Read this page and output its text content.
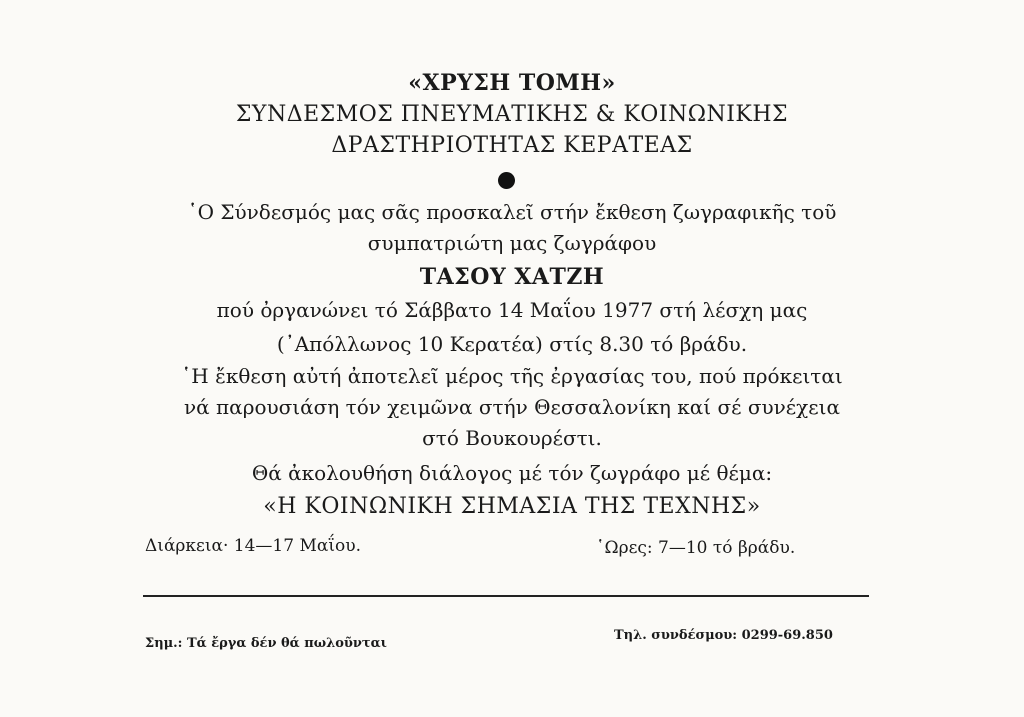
«ΧΡΥΣΗ ΤΟΜΗ»
ΣΥΝΔΕΣΜΟΣ ΠΝΕΥΜΑΤΙΚΗΣ & ΚΟΙΝΩΝΙΚΗΣ
ΔΡΑΣΤΗΡΙΟΤΗΤΑΣ ΚΕΡΑΤΕΑΣ
῾Ο Σύνδεσμός μας σᾶς προσκαλεῖ στήν ἔκθεση ζωγραφικῆς τοῦ
συμπατριώτη μας ζωγράφου
ΤΑΣΟΥ ΧΑΤΖΗ
πού ὀργανώνει τό Σάββατο 14 Μαΐου 1977 στή λέσχη μας
(᾽Απόλλωνος 10 Κερατέα) στίς 8.30 τό βράδυ.
῾Η ἔκθεση αὐτή ἀποτελεῖ μέρος τῆς ἐργασίας του, πού πρόκειται
νά παρουσιάση τόν χειμῶνα στήν Θεσσαλονίκη καί σέ συνέχεια
στό Βουκουρέστι.
Θά ἀκολουθήση διάλογος μέ τόν ζωγράφο μέ θέμα:
«Η ΚΟΙΝΩΝΙΚΗ ΣΗΜΑΣΙΑ ΤΗΣ ΤΕΧΝΗΣ»
Διάρκεια· 14—17 Μαΐου.	῾Ωρες: 7—10 τό βράδυ.
Σημ.: Τά ἔργα δέν θά πωλοῦνται
Τηλ. συνδέσμου: 0299-69.850
